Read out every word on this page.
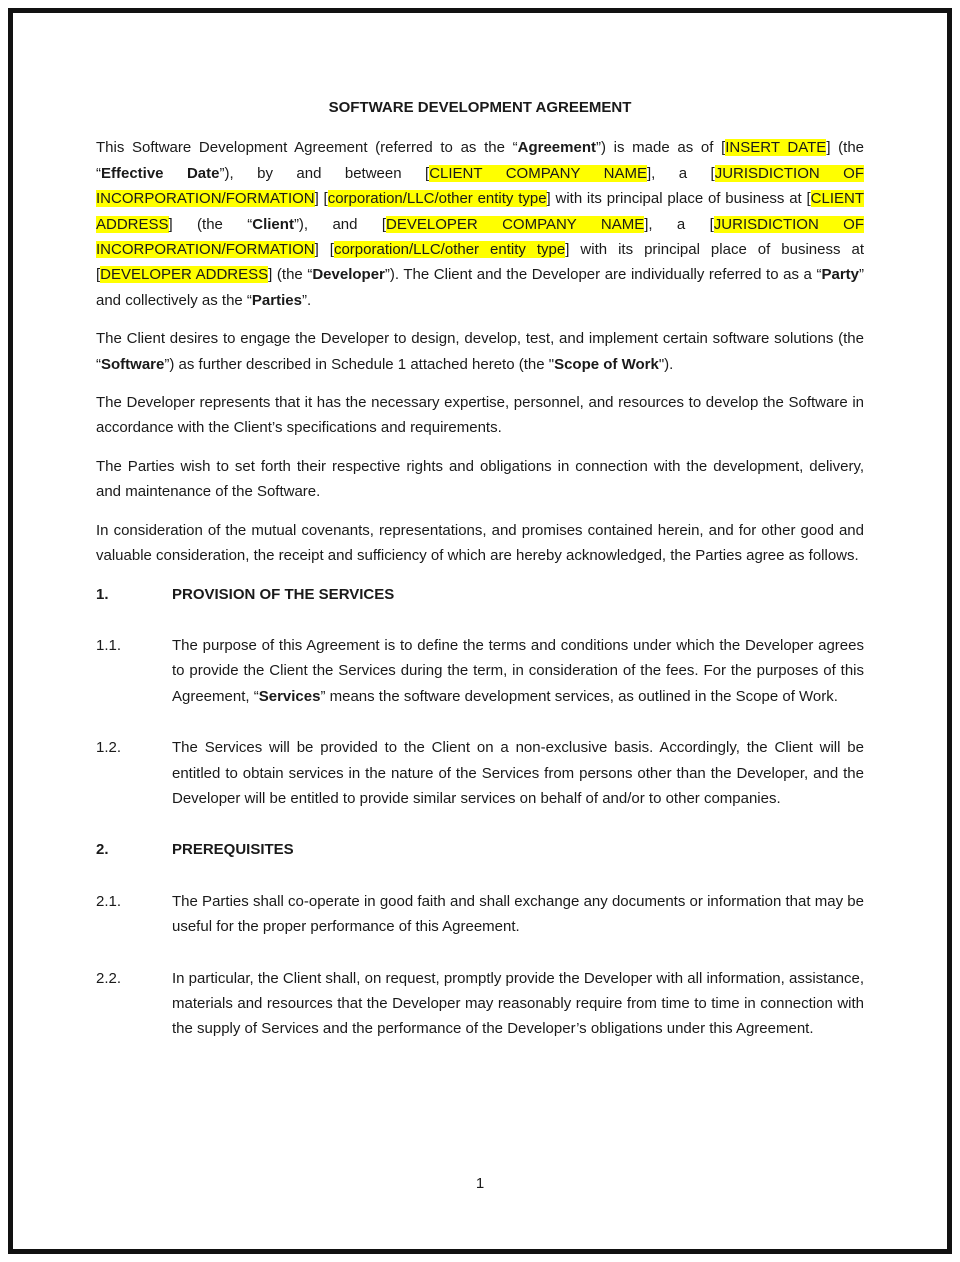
SOFTWARE DEVELOPMENT AGREEMENT

This Software Development Agreement (referred to as the “Agreement”) is made as of [INSERT DATE] (the “Effective Date”), by and between [CLIENT COMPANY NAME], a [JURISDICTION OF INCORPORATION/FORMATION] [corporation/LLC/other entity type] with its principal place of business at [CLIENT ADDRESS] (the “Client”), and [DEVELOPER COMPANY NAME], a [JURISDICTION OF INCORPORATION/FORMATION] [corporation/LLC/other entity type] with its principal place of business at [DEVELOPER ADDRESS] (the “Developer”). The Client and the Developer are individually referred to as a “Party” and collectively as the “Parties”.

The Client desires to engage the Developer to design, develop, test, and implement certain software solutions (the “Software”) as further described in Schedule 1 attached hereto (the "Scope of Work").

The Developer represents that it has the necessary expertise, personnel, and resources to develop the Software in accordance with the Client’s specifications and requirements.

The Parties wish to set forth their respective rights and obligations in connection with the development, delivery, and maintenance of the Software.

In consideration of the mutual covenants, representations, and promises contained herein, and for other good and valuable consideration, the receipt and sufficiency of which are hereby acknowledged, the Parties agree as follows.

1.	PROVISION OF THE SERVICES
1.1.	The purpose of this Agreement is to define the terms and conditions under which the Developer agrees to provide the Client the Services during the term, in consideration of the fees. For the purposes of this Agreement, “Services” means the software development services, as outlined in the Scope of Work.
1.2.	The Services will be provided to the Client on a non-exclusive basis. Accordingly, the Client will be entitled to obtain services in the nature of the Services from persons other than the Developer, and the Developer will be entitled to provide similar services on behalf of and/or to other companies.
2.	PREREQUISITES
2.1.	The Parties shall co-operate in good faith and shall exchange any documents or information that may be useful for the proper performance of this Agreement.
2.2.	In particular, the Client shall, on request, promptly provide the Developer with all information, assistance, materials and resources that the Developer may reasonably require from time to time in connection with the supply of Services and the performance of the Developer’s obligations under this Agreement.
1
